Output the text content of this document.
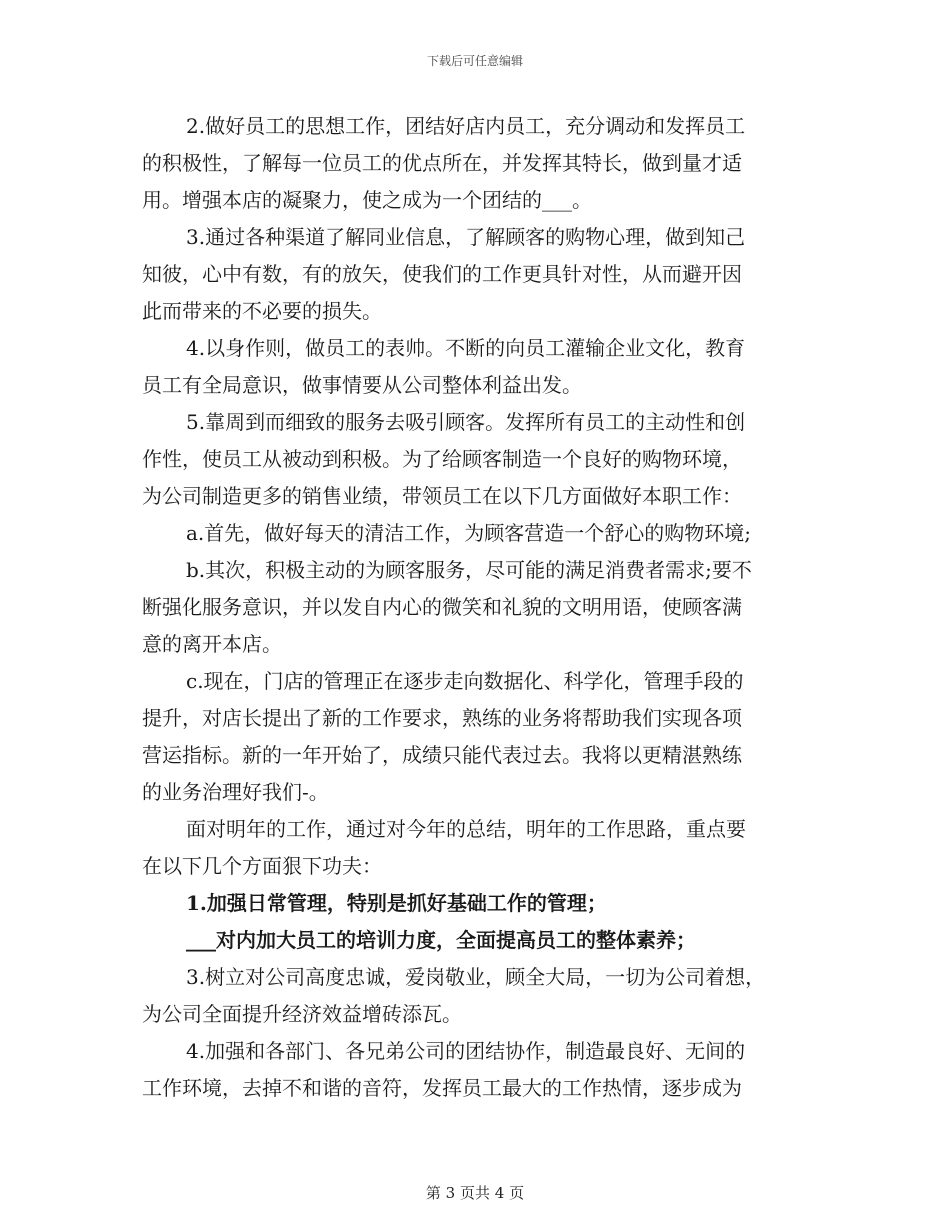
下载后可任意编辑
2.做好员工的思想工作，团结好店内员工，充分调动和发挥员工
的积极性，了解每一位员工的优点所在，并发挥其特长，做到量才适
用。增强本店的凝聚力，使之成为一个团结的___。
3.通过各种渠道了解同业信息，了解顾客的购物心理，做到知己
知彼，心中有数，有的放矢，使我们的工作更具针对性，从而避开因
此而带来的不必要的损失。
4.以身作则，做员工的表帅。不断的向员工灌输企业文化，教育
员工有全局意识，做事情要从公司整体利益出发。
5.靠周到而细致的服务去吸引顾客。发挥所有员工的主动性和创
作性，使员工从被动到积极。为了给顾客制造一个良好的购物环境，
为公司制造更多的销售业绩，带领员工在以下几方面做好本职工作：
a.首先，做好每天的清洁工作，为顾客营造一个舒心的购物环境;
b.其次，积极主动的为顾客服务，尽可能的满足消费者需求;要不
断强化服务意识，并以发自内心的微笑和礼貌的文明用语，使顾客满
意的离开本店。
c.现在，门店的管理正在逐步走向数据化、科学化，管理手段的
提升，对店长提出了新的工作要求，熟练的业务将帮助我们实现各项
营运指标。新的一年开始了，成绩只能代表过去。我将以更精湛熟练
的业务治理好我们-。
面对明年的工作，通过对今年的总结，明年的工作思路，重点要
在以下几个方面狠下功夫：
1.加强日常管理，特别是抓好基础工作的管理；
___对内加大员工的培训力度，全面提高员工的整体素养；
3.树立对公司高度忠诚，爱岗敬业，顾全大局，一切为公司着想，
为公司全面提升经济效益增砖添瓦。
4.加强和各部门、各兄弟公司的团结协作，制造最良好、无间的
工作环境，去掉不和谐的音符，发挥员工最大的工作热情，逐步成为
第 3 页共 4 页
